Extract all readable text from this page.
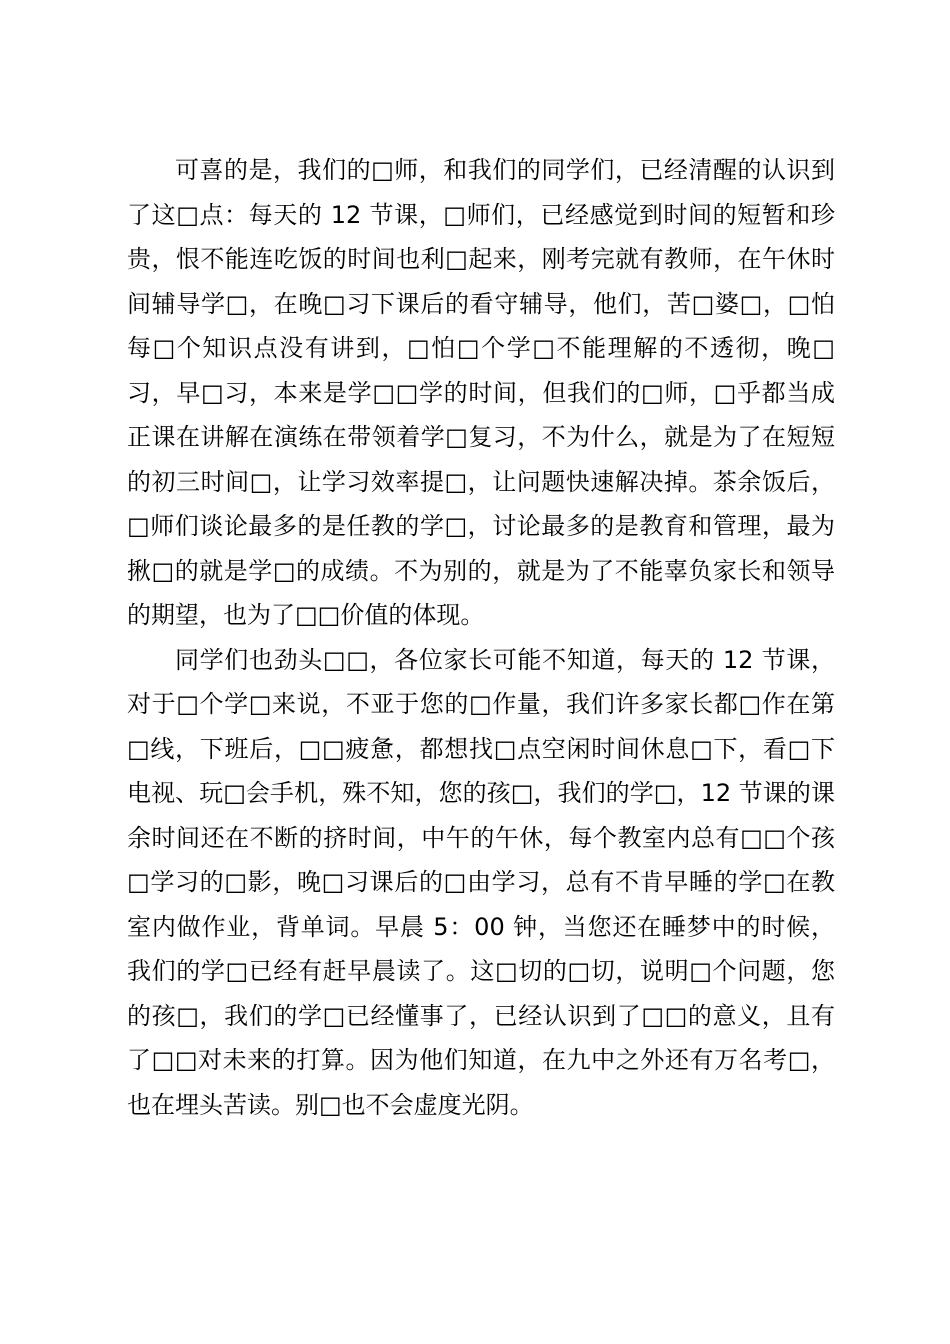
可喜的是，我们的□师，和我们的同学们，已经清醒的认识到了这□点：每天的 12 节课，□师们，已经感觉到时间的短暂和珍贵，恨不能连吃饭的时间也利□起来，刚考完就有教师，在午休时间辅导学□，在晚□习下课后的看守辅导，他们，苦□婆□，□怕每□个知识点没有讲到，□怕□个学□不能理解的不透彻，晚□习，早□习，本来是学□□学的时间，但我们的□师，□乎都当成正课在讲解在演练在带领着学□复习，不为什么，就是为了在短短的初三时间□，让学习效率提□，让问题快速解决掉。茶余饭后，□师们谈论最多的是任教的学□，讨论最多的是教育和管理，最为揪□的就是学□的成绩。不为别的，就是为了不能辜负家长和领导的期望，也为了□□价值的体现。

同学们也劲头□□，各位家长可能不知道，每天的 12 节课，对于□个学□来说，不亚于您的□作量，我们许多家长都□作在第□线，下班后，□□疲惫，都想找□点空闲时间休息□下，看□下电视、玩□会手机，殊不知，您的孩□，我们的学□，12 节课的课余时间还在不断的挤时间，中午的午休，每个教室内总有□□个孩□学习的□影，晚□习课后的□由学习，总有不肯早睡的学□在教室内做作业，背单词。早晨 5：00 钟，当您还在睡梦中的时候，我们的学□已经有赶早晨读了。这□切的□切，说明□个问题，您的孩□，我们的学□已经懂事了，已经认识到了□□的意义，且有了□□对未来的打算。因为他们知道，在九中之外还有万名考□，也在埋头苦读。别□也不会虚度光阴。
